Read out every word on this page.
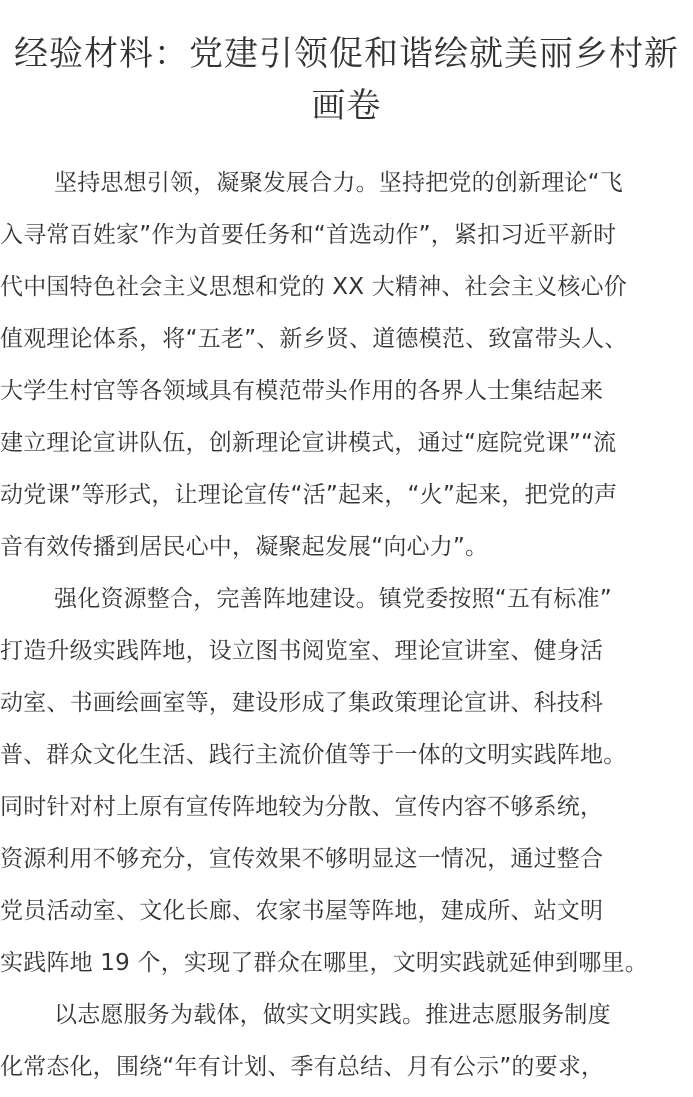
经验材料：党建引领促和谐绘就美丽乡村新
画卷
坚持思想引领，凝聚发展合力。坚持把党的创新理论“飞
入寻常百姓家”作为首要任务和“首选动作”，紧扣习近平新时
代中国特色社会主义思想和党的 XX 大精神、社会主义核心价
值观理论体系，将“五老”、新乡贤、道德模范、致富带头人、
大学生村官等各领域具有模范带头作用的各界人士集结起来
建立理论宣讲队伍，创新理论宣讲模式，通过“庭院党课”“流
动党课”等形式，让理论宣传“活”起来，“火”起来，把党的声
音有效传播到居民心中，凝聚起发展“向心力”。
强化资源整合，完善阵地建设。镇党委按照“五有标准”
打造升级实践阵地，设立图书阅览室、理论宣讲室、健身活
动室、书画绘画室等，建设形成了集政策理论宣讲、科技科
普、群众文化生活、践行主流价值等于一体的文明实践阵地。
同时针对村上原有宣传阵地较为分散、宣传内容不够系统，
资源利用不够充分，宣传效果不够明显这一情况，通过整合
党员活动室、文化长廊、农家书屋等阵地，建成所、站文明
实践阵地 19 个，实现了群众在哪里，文明实践就延伸到哪里。
以志愿服务为载体，做实文明实践。推进志愿服务制度
化常态化，围绕“年有计划、季有总结、月有公示”的要求，
